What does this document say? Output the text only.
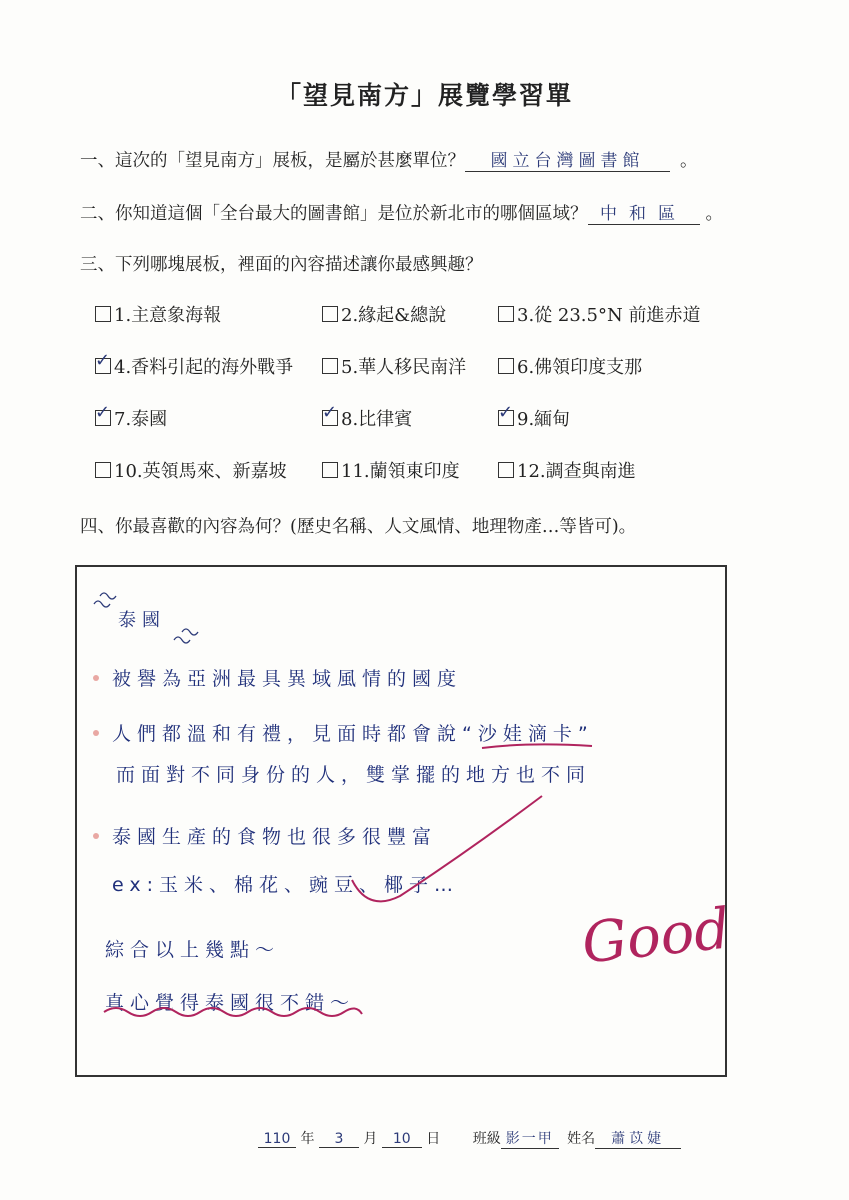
「望見南方」展覽學習單
一、這次的「望見南方」展板，是屬於甚麼單位？ 國立台灣圖書館 。
二、你知道這個「全台最大的圖書館」是位於新北市的哪個區域？ 中和區 。
三、下列哪塊展板，裡面的內容描述讓你最感興趣？
1.主意象海報	2.緣起&總說	3.從 23.5°N 前進赤道
✓ 4.香料引起的海外戰爭	5.華人移民南洋	6.佛領印度支那
✓ 7.泰國	✓ 8.比律賓	✓ 9.緬甸
10.英領馬來、新嘉坡	11.蘭領東印度	12.調查與南進
四、你最喜歡的內容為何？(歷史名稱、人文風情、地理物產…等皆可)。
泰國
被譽為亞洲最具異域風情的國度
人們都溫和有禮，見面時都會說“沙娃滴卡”
而面對不同身份的人，雙掌擺的地方也不同
泰國生產的食物也很多很豐富
ex:玉米、棉花、豌豆、椰子…
綜合以上幾點～
真心覺得泰國很不錯～
Good
110 年 3 月 10 日 班級 影一甲 姓名 蕭苡婕
